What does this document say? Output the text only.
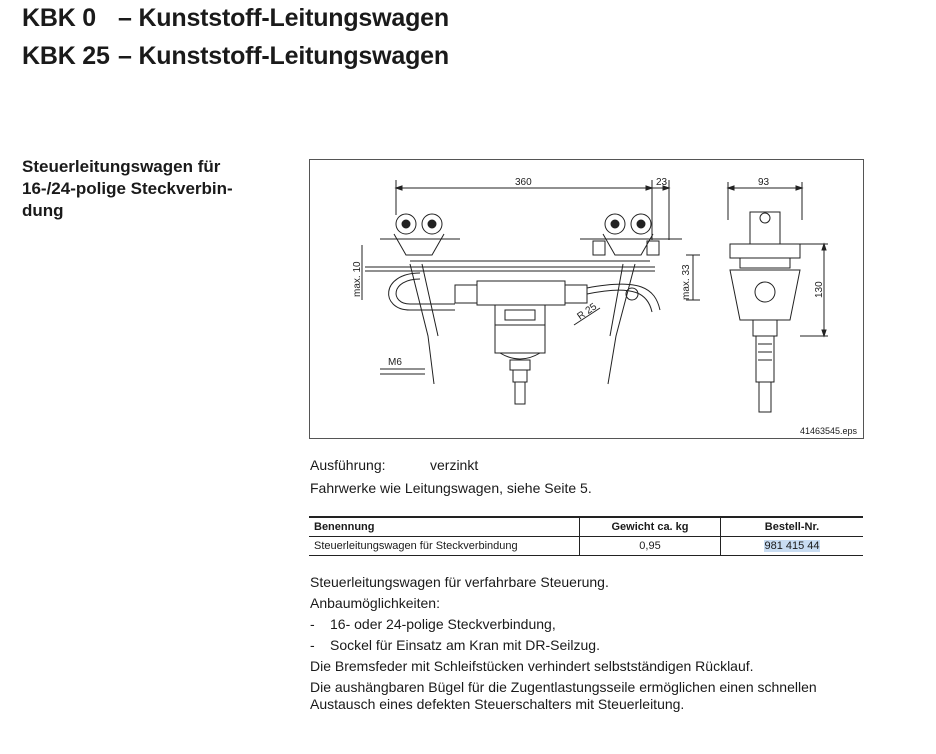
KBK 0 – Kunststoff-Leitungswagen
KBK 25 – Kunststoff-Leitungswagen
Steuerleitungswagen für
16-/24-polige Steckverbin-
dung
360	23
max. 10
R 25
max. 33
M6
93
130
41463545.eps
Ausführung:	verzinkt
Fahrwerke wie Leitungswagen, siehe Seite 5.
Benennung	Gewicht ca. kg	Bestell-Nr.
Steuerleitungswagen für Steckverbindung	0,95	981 415 44
Steuerleitungswagen für verfahrbare Steuerung.
Anbaumöglichkeiten:
-	16- oder 24-polige Steckverbindung,
-	Sockel für Einsatz am Kran mit DR-Seilzug.
Die Bremsfeder mit Schleifstücken verhindert selbstständigen Rücklauf.
Die aushängbaren Bügel für die Zugentlastungsseile ermöglichen einen schnellen
Austausch eines defekten Steuerschalters mit Steuerleitung.
